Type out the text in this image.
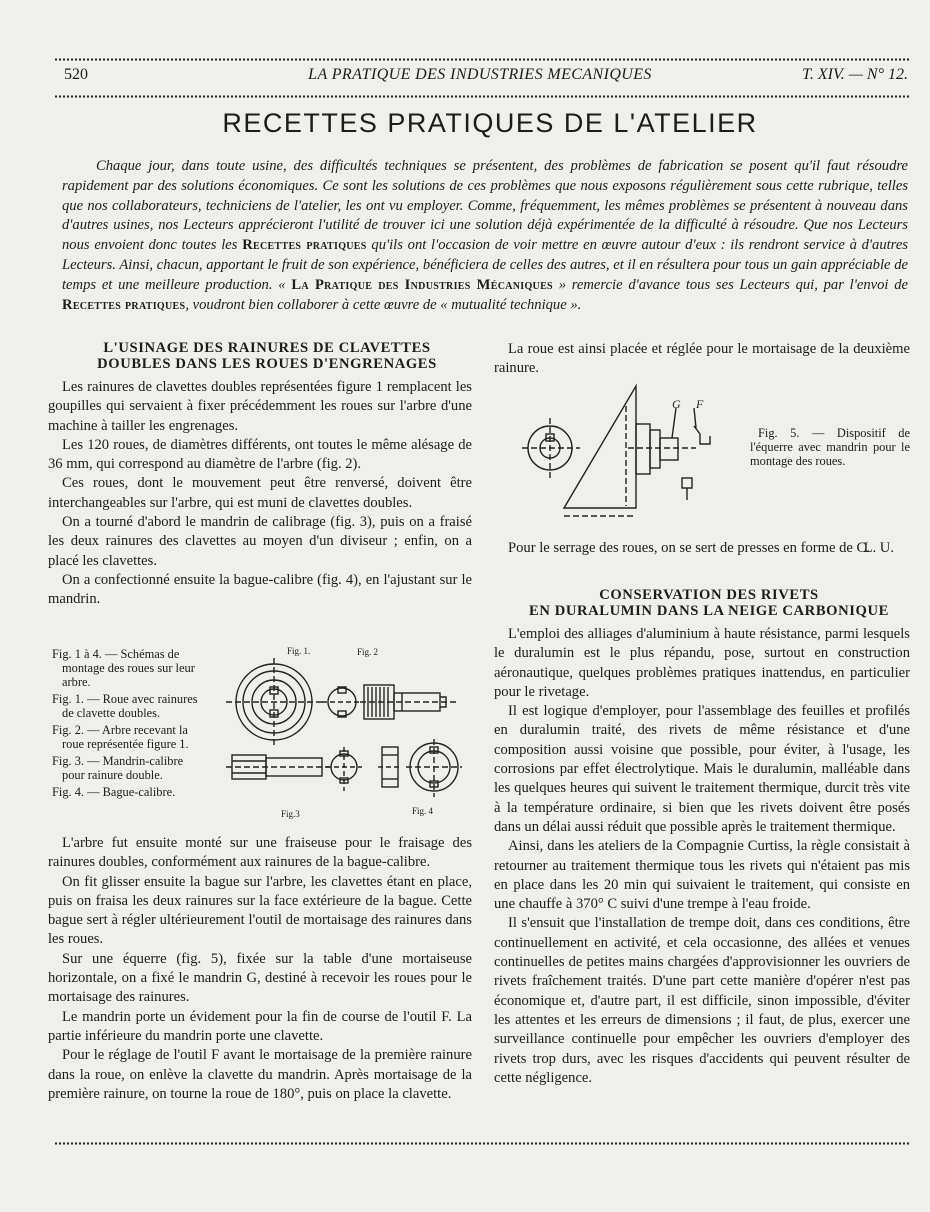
520	LA PRATIQUE DES INDUSTRIES MECANIQUES	T. XIV. — N° 12.
RECETTES PRATIQUES DE L'ATELIER
Chaque jour, dans toute usine, des difficultés techniques se présentent, des problèmes de fabrication se posent qu'il faut résoudre rapidement par des solutions économiques. Ce sont les solutions de ces problèmes que nous exposons régulièrement sous cette rubrique, telles que nos collaborateurs, techniciens de l'atelier, les ont vu employer. Comme, fréquemment, les mêmes problèmes se présentent à nouveau dans d'autres usines, nos Lecteurs apprécieront l'utilité de trouver ici une solution déjà expérimentée de la difficulté à résoudre. Que nos Lecteurs nous envoient donc toutes les Recettes pratiques qu'ils ont l'occasion de voir mettre en œuvre autour d'eux : ils rendront service à d'autres Lecteurs. Ainsi, chacun, apportant le fruit de son expérience, bénéficiera de celles des autres, et il en résultera pour tous un gain appréciable de temps et une meilleure production. « La Pratique des Industries Mécaniques » remercie d'avance tous ses Lecteurs qui, par l'envoi de Recettes pratiques, voudront bien collaborer à cette œuvre de « mutualité technique ».

L'USINAGE DES RAINURES DE CLAVETTES

DOUBLES DANS LES ROUES D'ENGRENAGES

Les rainures de clavettes doubles représentées figure 1 remplacent les goupilles qui servaient à fixer précédemment les roues sur l'arbre d'une machine à tailler les engrenages.

Les 120 roues, de diamètres différents, ont toutes le même alésage de 36 mm, qui correspond au diamètre de l'arbre (fig. 2).

Ces roues, dont le mouvement peut être renversé, doivent être interchangeables sur l'arbre, qui est muni de clavettes doubles.

On a tourné d'abord le mandrin de calibrage (fig. 3), puis on a fraisé les deux rainures des clavettes au moyen d'un diviseur ; enfin, on a placé les clavettes.

On a confectionné ensuite la bague-calibre (fig. 4), en l'ajustant sur le mandrin.

Fig. 1 à 4. — Schémas de montage des roues sur leur arbre.

Fig. 1. — Roue avec rainures de clavette doubles.

Fig. 2. — Arbre recevant la roue représentée figure 1.

Fig. 3. — Mandrin-calibre pour rainure double.

Fig. 4. — Bague-calibre.

Fig. 1.	Fig. 2
Fig.3	Fig. 4

L'arbre fut ensuite monté sur une fraiseuse pour le fraisage des rainures doubles, conformément aux rainures de la bague-calibre.

On fit glisser ensuite la bague sur l'arbre, les clavettes étant en place, puis on fraisa les deux rainures sur la face extérieure de la bague. Cette bague sert à régler ultérieurement l'outil de mortaisage des rainures dans les roues.

Sur une équerre (fig. 5), fixée sur la table d'une mortaiseuse horizontale, on a fixé le mandrin G, destiné à recevoir les roues pour le mortaisage des rainures.

Le mandrin porte un évidement pour la fin de course de l'outil F. La partie inférieure du mandrin porte une clavette.

Pour le réglage de l'outil F avant le mortaisage de la première rainure dans la roue, on enlève la clavette du mandrin. Après mortaisage de la première rainure, on tourne la roue de 180°, puis on place la clavette.

La roue est ainsi placée et réglée pour le mortaisage de la deuxième rainure.

G F
Fig. 5. — Dispositif de l'équerre avec mandrin pour le montage des roues.

Pour le serrage des roues, on se sert de presses en forme de C.

L. U.

CONSERVATION DES RIVETS

EN DURALUMIN DANS LA NEIGE CARBONIQUE

L'emploi des alliages d'aluminium à haute résistance, parmi lesquels le duralumin est le plus répandu, pose, surtout en construction aéronautique, quelques problèmes pratiques inattendus, en particulier pour le rivetage.

Il est logique d'employer, pour l'assemblage des feuilles et profilés en duralumin traité, des rivets de même résistance et d'une composition aussi voisine que possible, pour éviter, à l'usage, les corrosions par effet électrolytique. Mais le duralumin, malléable dans les quelques heures qui suivent le traitement thermique, durcit très vite à la température ordinaire, si bien que les rivets doivent être posés dans un délai aussi réduit que possible après le traitement thermique.

Ainsi, dans les ateliers de la Compagnie Curtiss, la règle consistait à retourner au traitement thermique tous les rivets qui n'étaient pas mis en place dans les 20 min qui suivaient le traitement, qui consiste en une chauffe à 370° C suivi d'une trempe à l'eau froide.

Il s'ensuit que l'installation de trempe doit, dans ces conditions, être continuellement en activité, et cela occasionne, des allées et venues continuelles de petites mains chargées d'approvisionner les ouvriers de rivets fraîchement traités. D'une part cette manière d'opérer n'est pas économique et, d'autre part, il est difficile, sinon impossible, d'éviter les attentes et les erreurs de dimensions ; il faut, de plus, exercer une surveillance continuelle pour empêcher les ouvriers d'employer des rivets trop durs, avec les risques d'accidents qui peuvent résulter de cette négligence.
